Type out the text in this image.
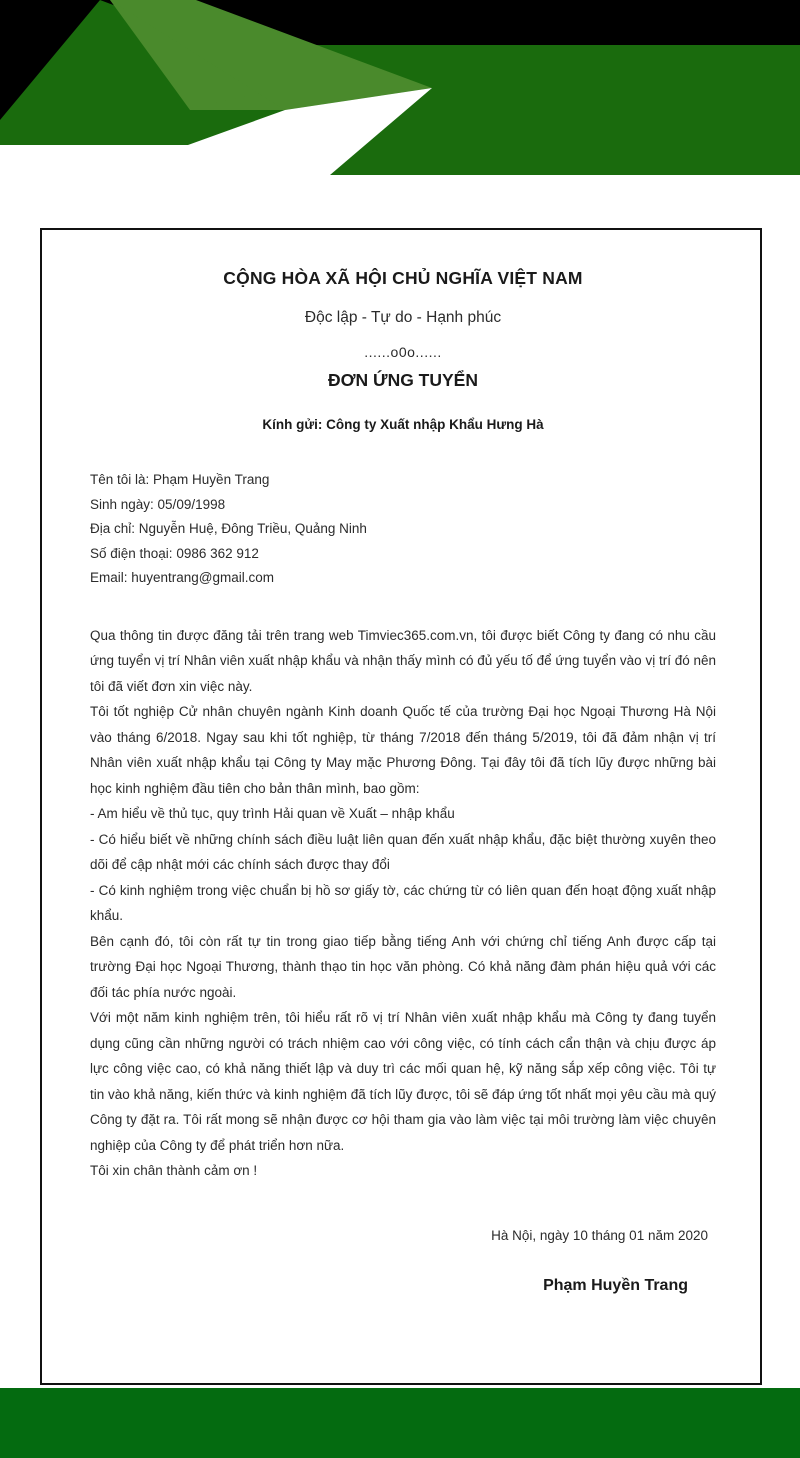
CỘNG HÒA XÃ HỘI CHỦ NGHĨA VIỆT NAM
Độc lập - Tự do - Hạnh phúc
......o0o......
ĐƠN ỨNG TUYỂN
Kính gửi: Công ty Xuất nhập Khẩu Hưng Hà
Tên tôi là: Phạm Huyền Trang
Sinh ngày: 05/09/1998
Địa chỉ: Nguyễn Huệ, Đông Triều, Quảng Ninh
Số điện thoại: 0986 362 912
Email: huyentrang@gmail.com

Qua thông tin được đăng tải trên trang web Timviec365.com.vn, tôi được biết Công ty đang có nhu cầu ứng tuyển vị trí Nhân viên xuất nhập khẩu và nhận thấy mình có đủ yếu tố để ứng tuyển vào vị trí đó nên tôi đã viết đơn xin việc này.

Tôi tốt nghiệp Cử nhân chuyên ngành Kinh doanh Quốc tế của trường Đại học Ngoại Thương Hà Nội vào tháng 6/2018. Ngay sau khi tốt nghiệp, từ tháng 7/2018 đến tháng 5/2019, tôi đã đảm nhận vị trí Nhân viên xuất nhập khẩu tại Công ty May mặc Phương Đông. Tại đây tôi đã tích lũy được những bài học kinh nghiệm đầu tiên cho bản thân mình, bao gồm:

- Am hiểu về thủ tục, quy trình Hải quan về Xuất – nhập khẩu

- Có hiểu biết về những chính sách điều luật liên quan đến xuất nhập khẩu, đặc biệt thường xuyên theo dõi để cập nhật mới các chính sách được thay đổi

- Có kinh nghiệm trong việc chuẩn bị hồ sơ giấy tờ, các chứng từ có liên quan đến hoạt động xuất nhập khẩu.

Bên cạnh đó, tôi còn rất tự tin trong giao tiếp bằng tiếng Anh với chứng chỉ tiếng Anh được cấp tại trường Đại học Ngoại Thương, thành thạo tin học văn phòng. Có khả năng đàm phán hiệu quả với các đối tác phía nước ngoài.

Với một năm kinh nghiệm trên, tôi hiểu rất rõ vị trí Nhân viên xuất nhập khẩu mà Công ty đang tuyển dụng cũng cần những người có trách nhiệm cao với công việc, có tính cách cẩn thận và chịu được áp lực công việc cao, có khả năng thiết lập và duy trì các mối quan hệ, kỹ năng sắp xếp công việc. Tôi tự tin vào khả năng, kiến thức và kinh nghiệm đã tích lũy được, tôi sẽ đáp ứng tốt nhất mọi yêu cầu mà quý Công ty đặt ra. Tôi rất mong sẽ nhận được cơ hội tham gia vào làm việc tại môi trường làm việc chuyên nghiệp của Công ty để phát triển hơn nữa.

Tôi xin chân thành cảm ơn !

Hà Nội, ngày 10 tháng 01 năm 2020
Phạm Huyền Trang
